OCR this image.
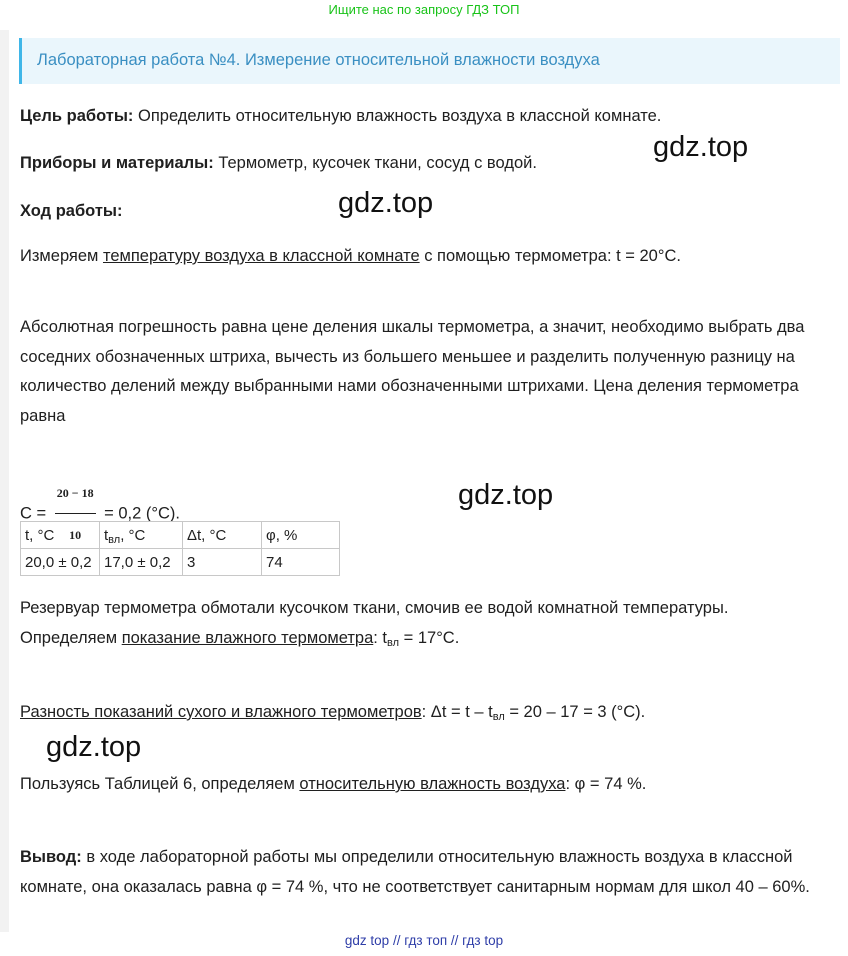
Ищите нас по запросу ГДЗ ТОП
Лабораторная работа №4. Измерение относительной влажности воздуха
Цель работы: Определить относительную влажность воздуха в классной комнате.
Приборы и материалы: Термометр, кусочек ткани, сосуд с водой.
Ход работы:
Измеряем температуру воздуха в классной комнате с помощью термометра: t = 20°С.
Абсолютная погрешность равна цене деления шкалы термометра, а значит, необходимо выбрать два соседних обозначенных штриха, вычесть из большего меньшее и разделить полученную разницу на количество делений между выбранными нами обозначенными штрихами. Цена деления термометра равна
$С = \frac{20 - 18}{10} = 0,2$ (°С).
t, °С	$t_{вл}$, °С	Δt, °С	φ, %
20,0 ± 0,2	17,0 ± 0,2	3	74
Резервуар термометра обмотали кусочком ткани, смочив ее водой комнатной температуры.
Определяем показание влажного термометра: $t_{вл} = 17^\circ С$.
Разность показаний сухого и влажного термометров: $\Delta t = t - t_{вл} = 20 - 17 = 3$ (°С).
Пользуясь Таблицей 6, определяем относительную влажность воздуха: φ = 74 %.
Вывод: в ходе лабораторной работы мы определили относительную влажность воздуха в классной комнате, она оказалась равна φ = 74 %, что не соответствует санитарным нормам для школ 40 – 60%.
gdz.top
gdz.top
gdz.top
gdz.top
gdz top // гдз топ // гдз top
